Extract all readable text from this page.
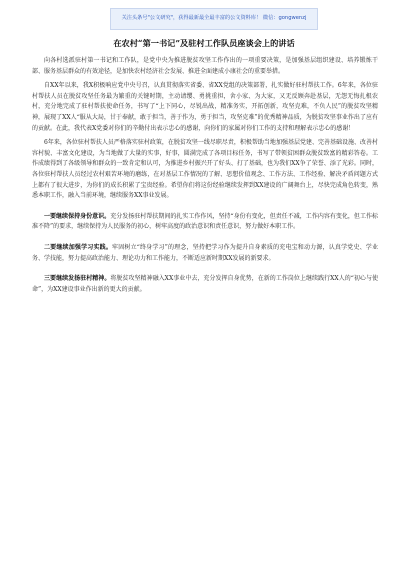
关注头条号"公文研究"，获得最新最全最丰富的公文资料库！ 微信：gongwenzj
在农村“第一书记”及驻村工作队员座谈会上的讲话

向各村选派驻村第一书记和工作队，是党中央为推进脱贫攻坚工作作出的一项重要决策，是加强基层组织建设、培养锻炼干部、服务基层群众的有效途径，是加快农村经济社会发展、推进全面建成小康社会的重要举措。

自XX年以来，我X积极响应党中央号召，认真贯彻落实省委、省XX党组的决策部署，扎实做好驻村帮扶工作。6年来，各位驻村帮扶人员在脱贫攻坚任务最为繁重的关键时期，主动请缨、勇挑重担，舍小家、为大家，又无反顾奔赴基层，无怨无悔扎根农村，充分地完成了驻村帮扶使命任务，书写了“上下同心，尽锐出战，精准务实，开拓创新，攻坚克难，不负人民”的脱贫攻坚精神，展现了XX人“服从大局，甘于奉献，敢于担当，善于作为，勇于担当，攻坚克难”的优秀精神品质，为脱贫攻坚事业作出了应有的贡献。在此，我代表X党委对你们的辛勤付出表示忠心的感谢，向你们的家属对你们工作的支持和理解表示忠心的感谢！

6年来，各位驻村帮扶人员严格落实驻村政策，在脱贫攻坚一线尽职尽责，积极帮助当地加强基层党建、完善基础设施、改善村容村貌、丰富文化建设，为当地做了大量的实事，好事，圆满完成了各项目标任务，书写了带领贫困群众脱贫致富的精彩答卷。工作成绩得到了各级领导和群众的一致肯定和认可，为推进乡村振兴开了好头、打了基础，也为我们XX争了荣誉、添了光彩。同时，各位驻村帮扶人员经过农村艰苦环境的磨练，在对基层工作情况的了解、思想价值观念、工作方法、工作经验、解决矛盾问题方式上都有了很大进步，为你们的成长积累了宝贵经验。希望你们将这份经验继续发挥到XX建设的广阔舞台上，尽快完成角色转变，熟悉本职工作，融入当前环境，继续服务XX事业发展。

一要继续保持身份意识。充分发扬驻村帮扶期间的扎实工作作风，坚持“身份有变化，但责任不减，工作内容有变化，但工作标准不降”的要求，继续保持为人民服务的初心，树牢高度的政治意识和责任意识，努力做好本职工作。

二要继续加强学习实践。牢固树立“终身学习”的理念，坚持把学习作为提升自身素质的充电宝和动力源，认真学党史、学业务、学技能，努力提高政治能力、理论功力和工作能力，不断适应新时期XX发展的新要求。

三要继续发扬驻村精神。将脱贫攻坚精神融入XX事业中去，充分发挥自身优势，在新的工作岗位上继续践行XX人的“初心与使命”，为XX建设事业作出新的更大的贡献。
